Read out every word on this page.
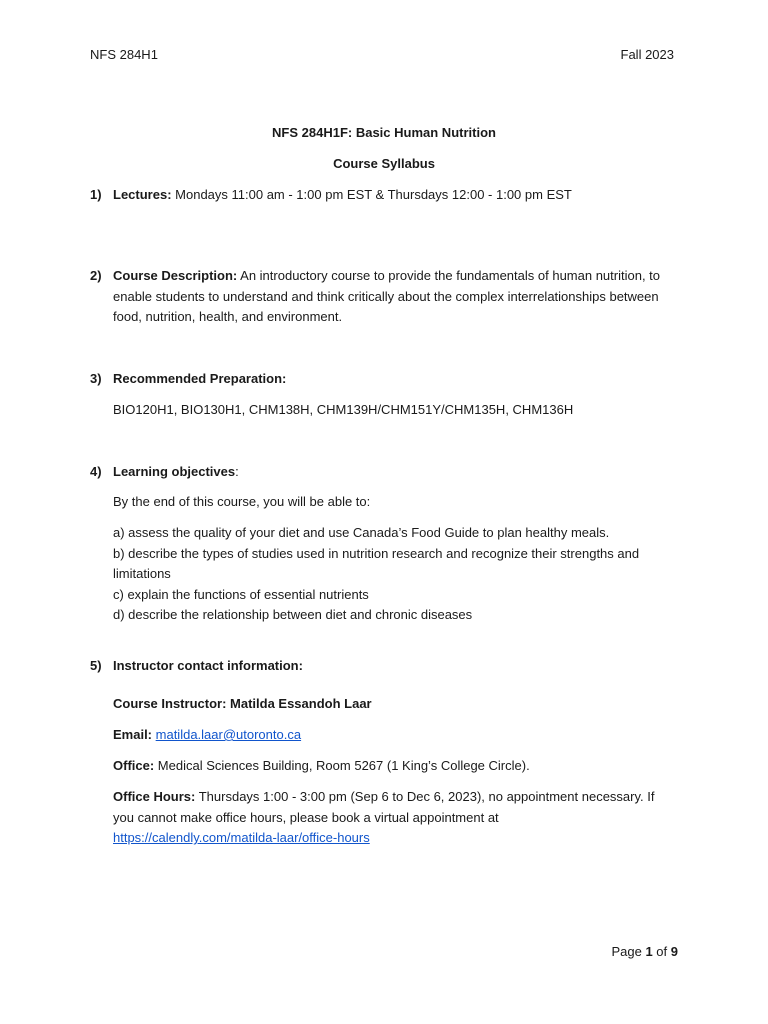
NFS 284H1	Fall 2023
NFS 284H1F: Basic Human Nutrition
Course Syllabus
1) Lectures: Mondays 11:00 am - 1:00 pm EST & Thursdays 12:00 - 1:00 pm EST
2) Course Description: An introductory course to provide the fundamentals of human nutrition, to enable students to understand and think critically about the complex interrelationships between food, nutrition, health, and environment.
3) Recommended Preparation:
BIO120H1, BIO130H1, CHM138H, CHM139H/CHM151Y/CHM135H, CHM136H
4) Learning objectives:
By the end of this course, you will be able to:
a) assess the quality of your diet and use Canada’s Food Guide to plan healthy meals.
b) describe the types of studies used in nutrition research and recognize their strengths and limitations
c) explain the functions of essential nutrients
d) describe the relationship between diet and chronic diseases
5) Instructor contact information:
Course Instructor: Matilda Essandoh Laar
Email: matilda.laar@utoronto.ca
Office: Medical Sciences Building, Room 5267 (1 King’s College Circle).
Office Hours: Thursdays 1:00 - 3:00 pm (Sep 6 to Dec 6, 2023), no appointment necessary. If you cannot make office hours, please book a virtual appointment at
https://calendly.com/matilda-laar/office-hours
Page 1 of 9
